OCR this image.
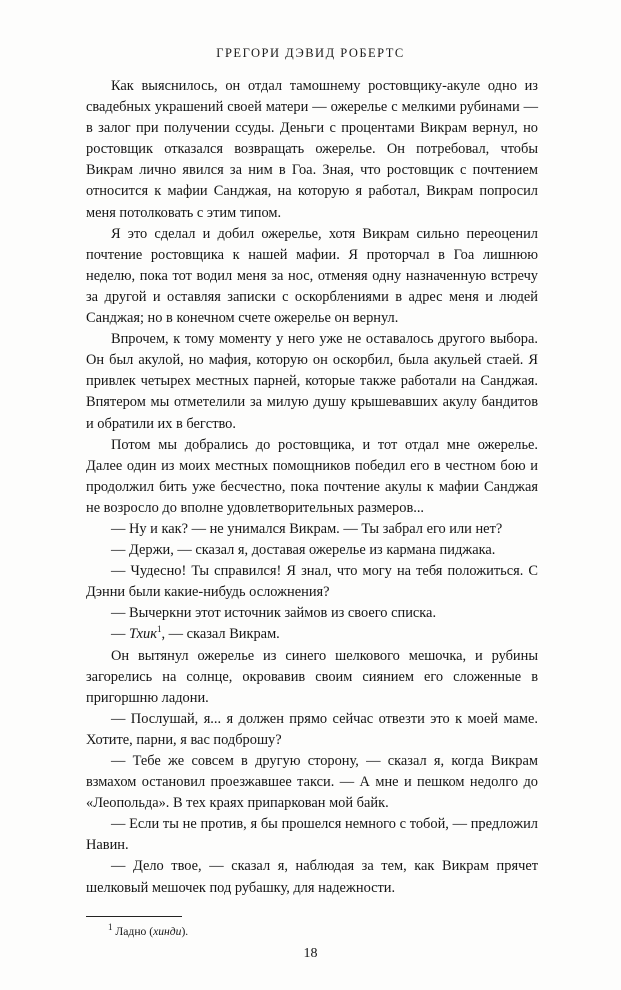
ГРЕГОРИ ДЭВИД РОБЕРТС

Как выяснилось, он отдал тамошнему ростовщику-акуле одно из свадебных украшений своей матери — ожерелье с мелкими рубинами — в залог при получении ссуды. Деньги с процентами Викрам вернул, но ростовщик отказался возвращать ожерелье. Он потребовал, чтобы Викрам лично явился за ним в Гоа. Зная, что ростовщик с почтением относится к мафии Санджая, на которую я работал, Викрам попросил меня потолковать с этим типом.

Я это сделал и добил ожерелье, хотя Викрам сильно переоценил почтение ростовщика к нашей мафии. Я проторчал в Гоа лишнюю неделю, пока тот водил меня за нос, отменяя одну назначенную встречу за другой и оставляя записки с оскорблениями в адрес меня и людей Санджая; но в конечном счете ожерелье он вернул.

Впрочем, к тому моменту у него уже не оставалось другого выбора. Он был акулой, но мафия, которую он оскорбил, была акульей стаей. Я привлек четырех местных парней, которые также работали на Санджая. Впятером мы отметелили за милую душу крышевавших акулу бандитов и обратили их в бегство.

Потом мы добрались до ростовщика, и тот отдал мне ожерелье. Далее один из моих местных помощников победил его в честном бою и продолжил бить уже бесчестно, пока почтение акулы к мафии Санджая не возросло до вполне удовлетворительных размеров...

— Ну и как? — не унимался Викрам. — Ты забрал его или нет?

— Держи, — сказал я, доставая ожерелье из кармана пиджака.

— Чудесно! Ты справился! Я знал, что могу на тебя положиться. С Дэнни были какие-нибудь осложнения?

— Вычеркни этот источник займов из своего списка.

— Тхик$^1$, — сказал Викрам.

Он вытянул ожерелье из синего шелкового мешочка, и рубины загорелись на солнце, окровавив своим сиянием его сложенные в пригоршню ладони.

— Послушай, я... я должен прямо сейчас отвезти это к моей маме. Хотите, парни, я вас подброшу?

— Тебе же совсем в другую сторону, — сказал я, когда Викрам взмахом остановил проезжавшее такси. — А мне и пешком недолго до «Леопольда». В тех краях припаркован мой байк.

— Если ты не против, я бы прошелся немного с тобой, — предложил Навин.

— Дело твое, — сказал я, наблюдая за тем, как Викрам прячет шелковый мешочек под рубашку, для надежности.

$^1$ Ладно (хинди).
18
